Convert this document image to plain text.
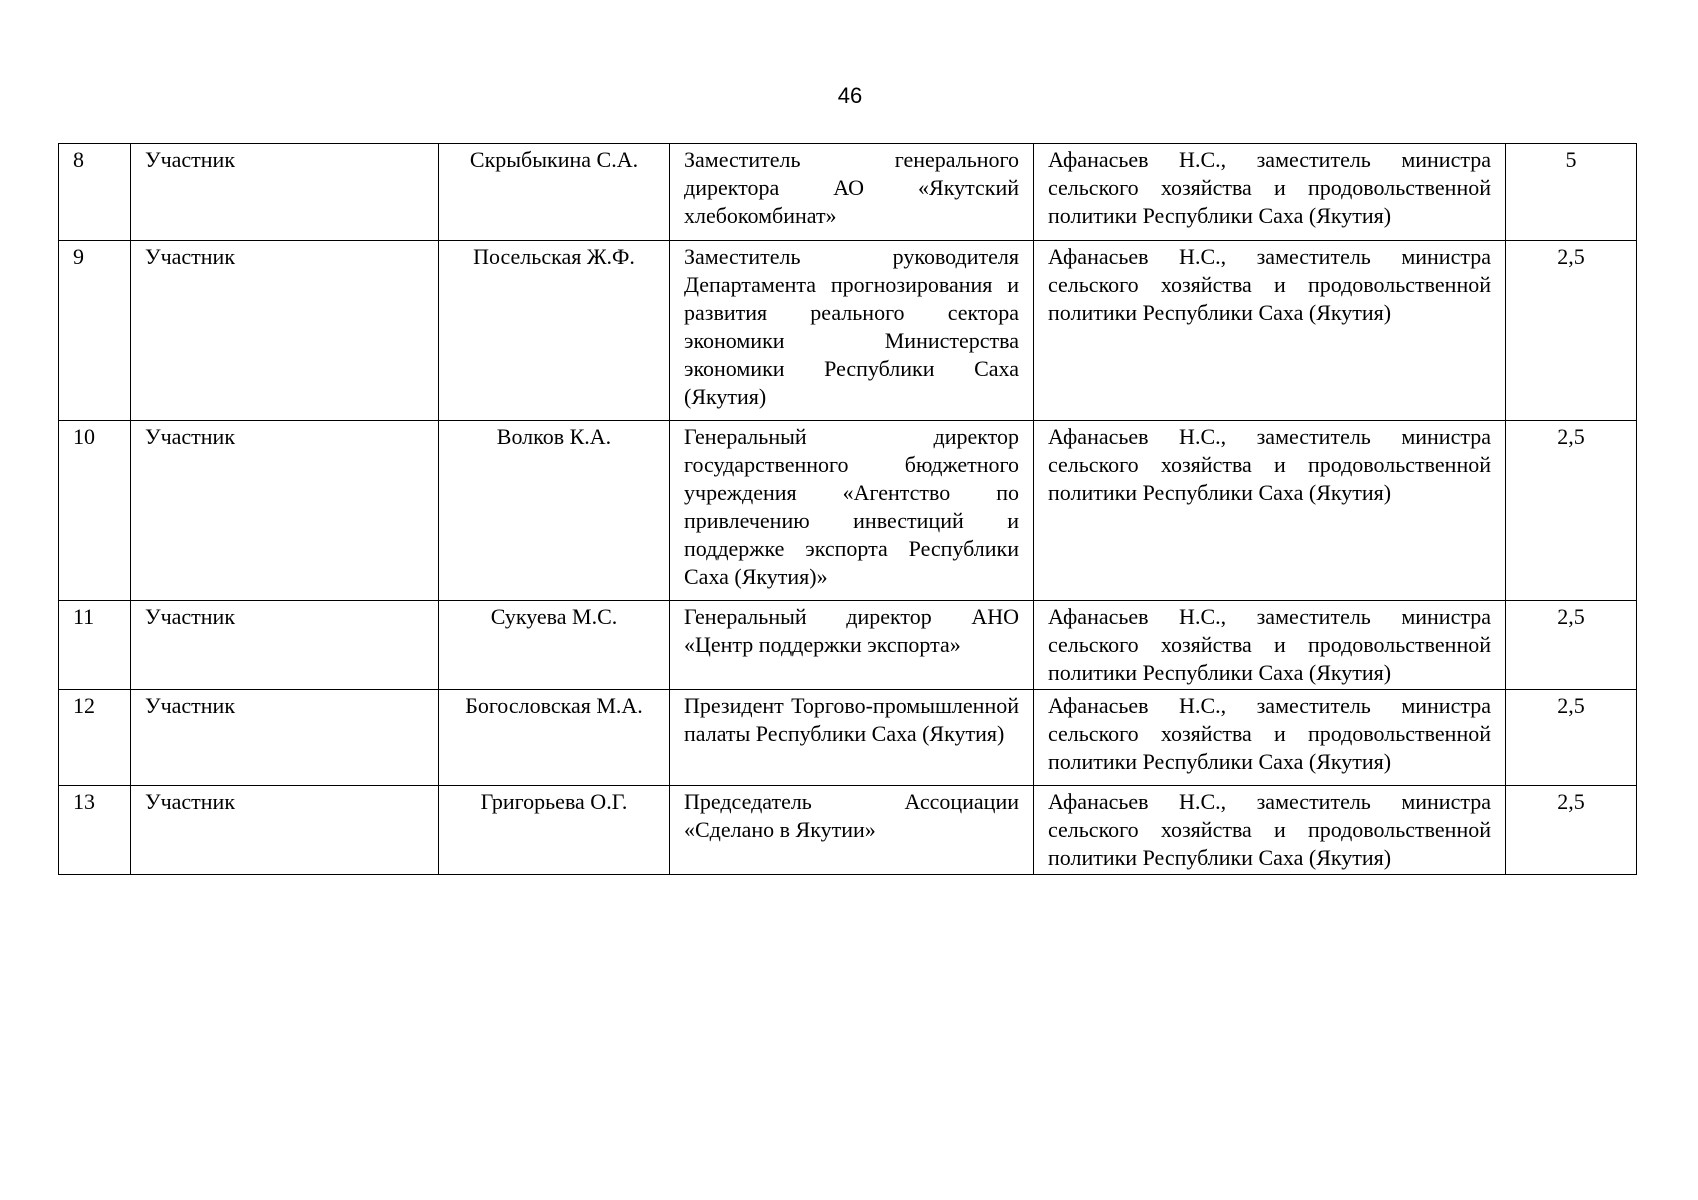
46
8	Участник	Скрыбыкина С.А.	Заместитель генерального директора АО «Якутский хлебокомбинат»	Афанасьев Н.С., заместитель министра сельского хозяйства и продовольственной политики Республики Саха (Якутия)	5
9	Участник	Посельская Ж.Ф.	Заместитель руководителя Департамента прогнозирования и развития реального сектора экономики Министерства экономики Республики Саха (Якутия)	Афанасьев Н.С., заместитель министра сельского хозяйства и продовольственной политики Республики Саха (Якутия)	2,5
10	Участник	Волков К.А.	Генеральный директор государственного бюджетного учреждения «Агентство по привлечению инвестиций и поддержке экспорта Республики Саха (Якутия)»	Афанасьев Н.С., заместитель министра сельского хозяйства и продовольственной политики Республики Саха (Якутия)	2,5
11	Участник	Сукуева М.С.	Генеральный директор АНО «Центр поддержки экспорта»	Афанасьев Н.С., заместитель министра сельского хозяйства и продовольственной политики Республики Саха (Якутия)	2,5
12	Участник	Богословская М.А.	Президент Торгово-промышленной палаты Республики Саха (Якутия)	Афанасьев Н.С., заместитель министра сельского хозяйства и продовольственной политики Республики Саха (Якутия)	2,5
13	Участник	Григорьева О.Г.	Председатель Ассоциации «Сделано в Якутии»	Афанасьев Н.С., заместитель министра сельского хозяйства и продовольственной политики Республики Саха (Якутия)	2,5
